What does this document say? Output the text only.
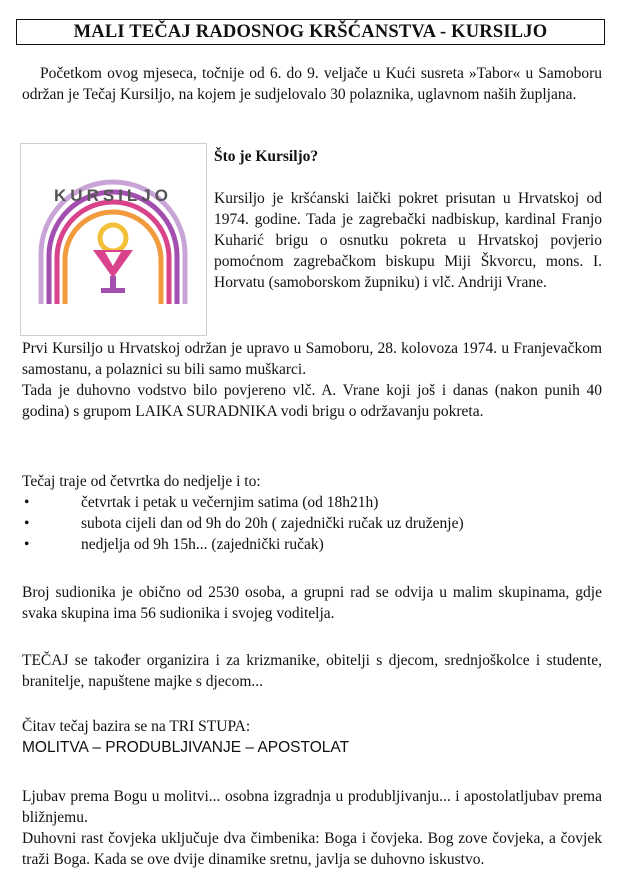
MALI TEČAJ RADOSNOG KRŠĆANSTVA - KURSILJO

Početkom ovog mjeseca, točnije od 6. do 9. veljače u Kući susreta »Tabor« u Samoboru održan je Tečaj Kursiljo, na kojem je sudjelovalo 30 polaznika, uglavnom naših župljana.

KURSILJO

Što je Kursiljo?

Kursiljo je kršćanski laički pokret prisutan u Hrvatskoj od 1974. godine. Tada je zagrebački nadbiskup, kardinal Franjo Kuharić brigu o osnutku pokreta u Hrvatskoj povjerio pomoćnom zagrebačkom biskupu Miji Škvorcu, mons. I. Horvatu (samoborskom župniku) i vlč. Andriji Vrane.

Prvi Kursiljo u Hrvatskoj održan je upravo u Samoboru, 28. kolovoza 1974. u Franjevačkom samostanu, a polaznici su bili samo muškarci.

Tada je duhovno vodstvo bilo povjereno vlč. A. Vrane koji još i danas (nakon punih 40 godina) s grupom LAIKA SURADNIKA vodi brigu o održavanju pokreta.

Tečaj traje od četvrtka do nedjelje i to:

•	četvrtak i petak u večernjim satima (od 18h21h)
•	subota cijeli dan od 9h do 20h ( zajednički ručak uz druženje)
•	nedjelja od 9h 15h... (zajednički ručak)

Broj sudionika je obično od 2530 osoba, a grupni rad se odvija u malim skupinama, gdje svaka skupina ima 56 sudionika i svojeg voditelja.

TEČAJ se također organizira i za krizmanike, obitelji s djecom, srednjoškolce i studente, branitelje, napuštene majke s djecom...

Čitav tečaj bazira se na TRI STUPA:

MOLITVA – PRODUBLJIVANJE – APOSTOLAT

Ljubav prema Bogu u molitvi... osobna izgradnja u produbljivanju... i apostolatljubav prema bližnjemu.

Duhovni rast čovjeka uključuje dva čimbenika: Boga i čovjeka. Bog zove čovjeka, a čovjek traži Boga. Kada se ove dvije dinamike sretnu, javlja se duhovno iskustvo.
